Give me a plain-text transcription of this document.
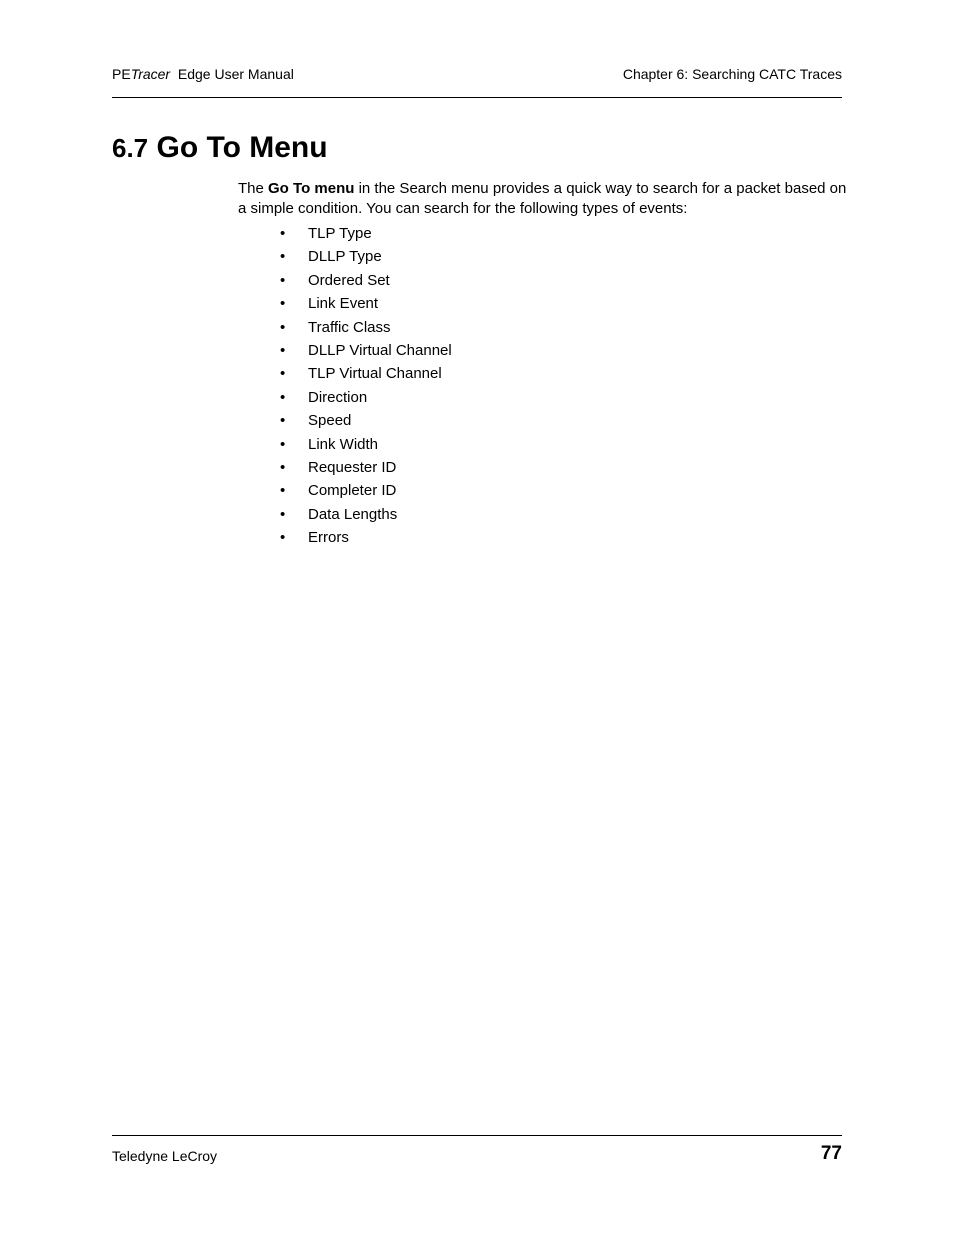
PETracer Edge User Manual	Chapter 6: Searching CATC Traces
6.7 Go To Menu

The Go To menu in the Search menu provides a quick way to search for a packet based on a simple condition. You can search for the following types of events:

•	TLP Type
•	DLLP Type
•	Ordered Set
•	Link Event
•	Traffic Class
•	DLLP Virtual Channel
•	TLP Virtual Channel
•	Direction
•	Speed
•	Link Width
•	Requester ID
•	Completer ID
•	Data Lengths
•	Errors
Teledyne LeCroy	77
